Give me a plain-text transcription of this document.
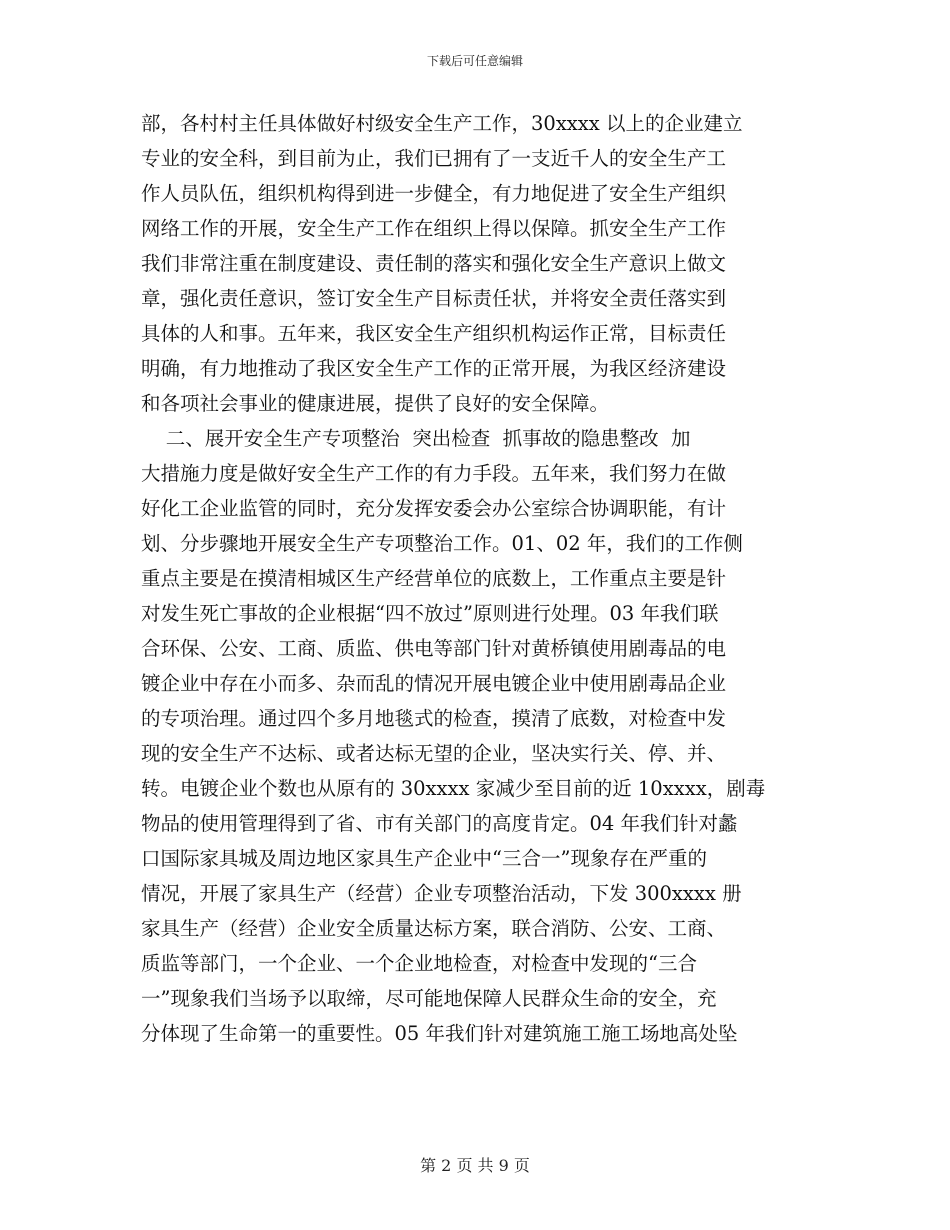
下载后可任意编辑
部，各村村主任具体做好村级安全生产工作，30xxxx 以上的企业建立
专业的安全科，到目前为止，我们已拥有了一支近千人的安全生产工
作人员队伍，组织机构得到进一步健全，有力地促进了安全生产组织
网络工作的开展，安全生产工作在组织上得以保障。抓安全生产工作
我们非常注重在制度建设、责任制的落实和强化安全生产意识上做文
章，强化责任意识，签订安全生产目标责任状，并将安全责任落实到
具体的人和事。五年来，我区安全生产组织机构运作正常，目标责任
明确，有力地推动了我区安全生产工作的正常开展，为我区经济建设
和各项社会事业的健康进展，提供了良好的安全保障。
二、展开安全生产专项整治  突出检查  抓事故的隐患整改  加
大措施力度是做好安全生产工作的有力手段。五年来，我们努力在做
好化工企业监管的同时，充分发挥安委会办公室综合协调职能，有计
划、分步骤地开展安全生产专项整治工作。01、02 年，我们的工作侧
重点主要是在摸清相城区生产经营单位的底数上，工作重点主要是针
对发生死亡事故的企业根据“四不放过”原则进行处理。03 年我们联
合环保、公安、工商、质监、供电等部门针对黄桥镇使用剧毒品的电
镀企业中存在小而多、杂而乱的情况开展电镀企业中使用剧毒品企业
的专项治理。通过四个多月地毯式的检查，摸清了底数，对检查中发
现的安全生产不达标、或者达标无望的企业，坚决实行关、停、并、
转。电镀企业个数也从原有的 30xxxx 家减少至目前的近 10xxxx，剧毒
物品的使用管理得到了省、市有关部门的高度肯定。04 年我们针对蠡
口国际家具城及周边地区家具生产企业中“三合一”现象存在严重的
情况，开展了家具生产（经营）企业专项整治活动，下发 300xxxx 册
家具生产（经营）企业安全质量达标方案，联合消防、公安、工商、
质监等部门，一个企业、一个企业地检查，对检查中发现的“三合
一”现象我们当场予以取缔，尽可能地保障人民群众生命的安全，充
分体现了生命第一的重要性。05 年我们针对建筑施工施工场地高处坠
第 2 页 共 9 页
